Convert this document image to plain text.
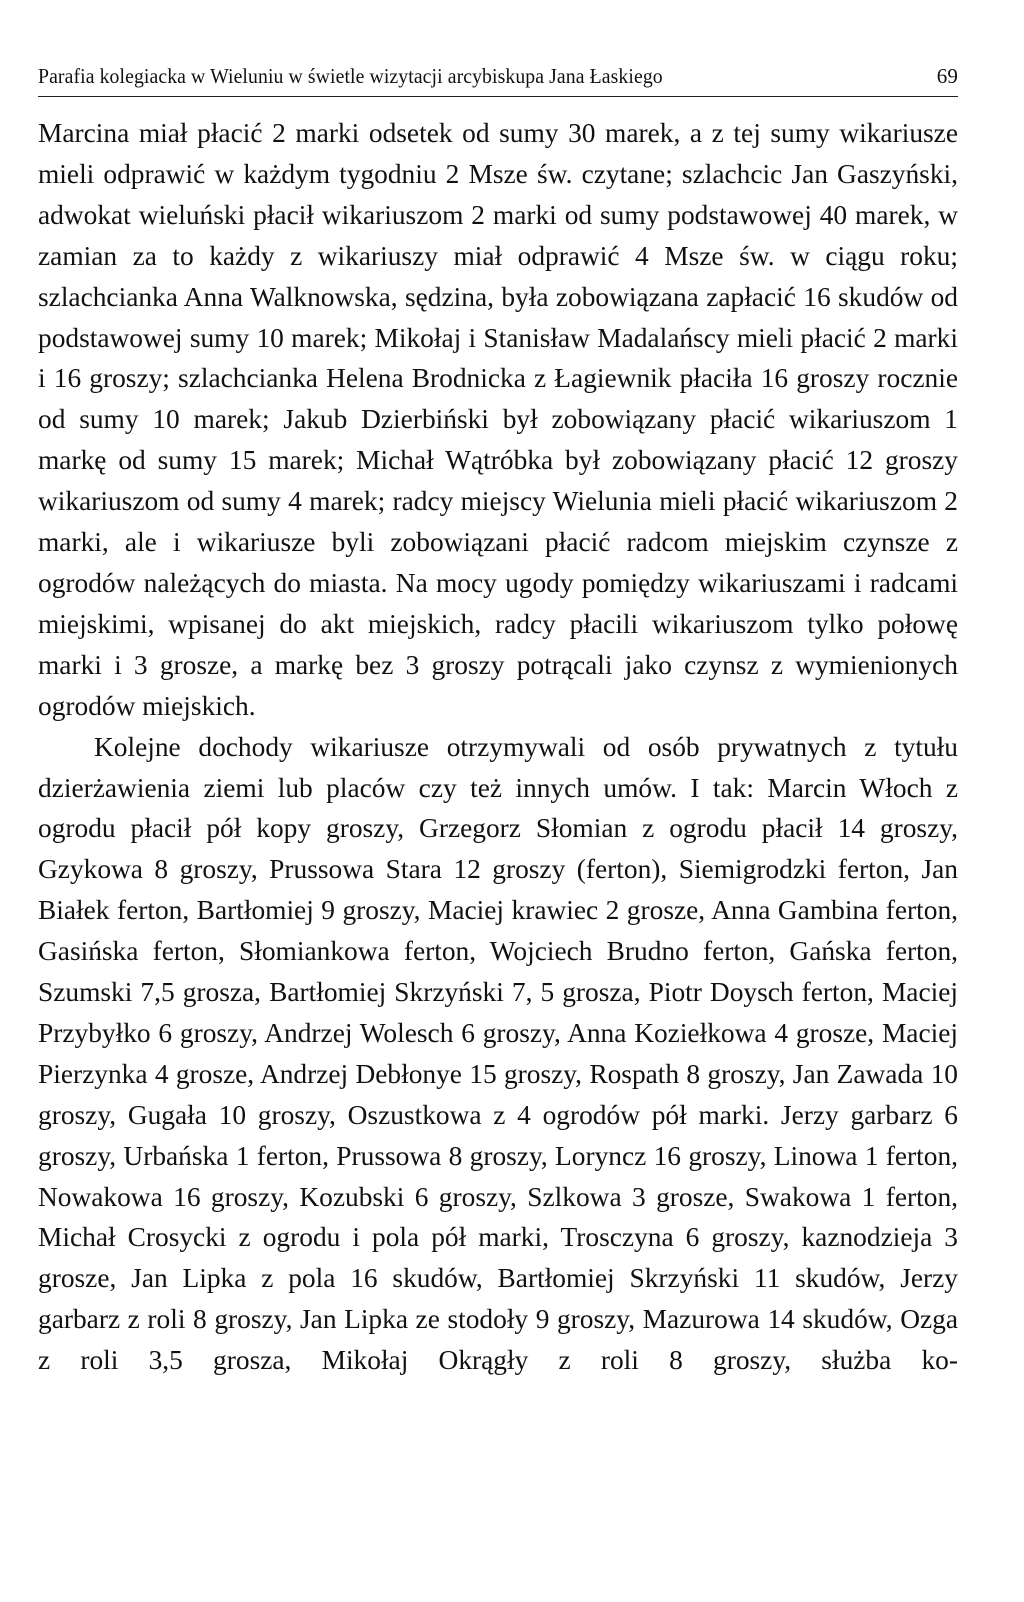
Parafia kolegiacka w Wieluniu w świetle wizytacji arcybiskupa Jana Łaskiego	69

Marcina miał płacić 2 marki odsetek od sumy 30 marek, a z tej sumy wikariusze mieli odprawić w każdym tygodniu 2 Msze św. czytane; szlachcic Jan Gaszyński, adwokat wieluński płacił wikariuszom 2 marki od sumy podstawowej 40 marek, w zamian za to każdy z wikariuszy miał odprawić 4 Msze św. w ciągu roku; szlachcianka Anna Walknowska, sędzina, była zobowiązana zapłacić 16 skudów od podstawowej sumy 10 marek; Mikołaj i Stanisław Madalańscy mieli płacić 2 marki i 16 groszy; szlachcianka Helena Brodnicka z Łagiewnik płaciła 16 groszy rocznie od sumy 10 marek; Jakub Dzierbiński był zobowiązany płacić wikariuszom 1 markę od sumy 15 marek; Michał Wątróbka był zobowiązany płacić 12 groszy wikariuszom od sumy 4 marek; radcy miejscy Wielunia mieli płacić wikariuszom 2 marki, ale i wikariusze byli zobowiązani płacić radcom miejskim czynsze z ogrodów należących do miasta. Na mocy ugody pomiędzy wikariuszami i radcami miejskimi, wpisanej do akt miejskich, radcy płacili wikariuszom tylko połowę marki i 3 grosze, a markę bez 3 groszy potrącali jako czynsz z wymienionych ogrodów miejskich.

Kolejne dochody wikariusze otrzymywali od osób prywatnych z tytułu dzierżawienia ziemi lub placów czy też innych umów. I tak: Marcin Włoch z ogrodu płacił pół kopy groszy, Grzegorz Słomian z ogrodu płacił 14 groszy, Gzykowa 8 groszy, Prussowa Stara 12 groszy (ferton), Siemigrodzki ferton, Jan Białek ferton, Bartłomiej 9 groszy, Maciej krawiec 2 grosze, Anna Gambina ferton, Gasińska ferton, Słomiankowa ferton, Wojciech Brudno ferton, Gańska ferton, Szumski 7,5 grosza, Bartłomiej Skrzyński 7, 5 grosza, Piotr Doysch ferton, Maciej Przybyłko 6 groszy, Andrzej Wolesch 6 groszy, Anna Koziełkowa 4 grosze, Maciej Pierzynka 4 grosze, Andrzej Debłonye 15 groszy, Rospath 8 groszy, Jan Zawada 10 groszy, Gugała 10 groszy, Oszustkowa z 4 ogrodów pół marki. Jerzy garbarz 6 groszy, Urbańska 1 ferton, Prussowa 8 groszy, Loryncz 16 groszy, Linowa 1 ferton, Nowakowa 16 groszy, Kozubski 6 groszy, Szlkowa 3 grosze, Swakowa 1 ferton, Michał Crosycki z ogrodu i pola pół marki, Trosczyna 6 groszy, kaznodzieja 3 grosze, Jan Lipka z pola 16 skudów, Bartłomiej Skrzyński 11 skudów, Jerzy garbarz z roli 8 groszy, Jan Lipka ze stodoły 9 groszy, Mazurowa 14 skudów, Ozga z roli 3,5 grosza, Mikołaj Okrągły z roli 8 groszy, służba ko-
